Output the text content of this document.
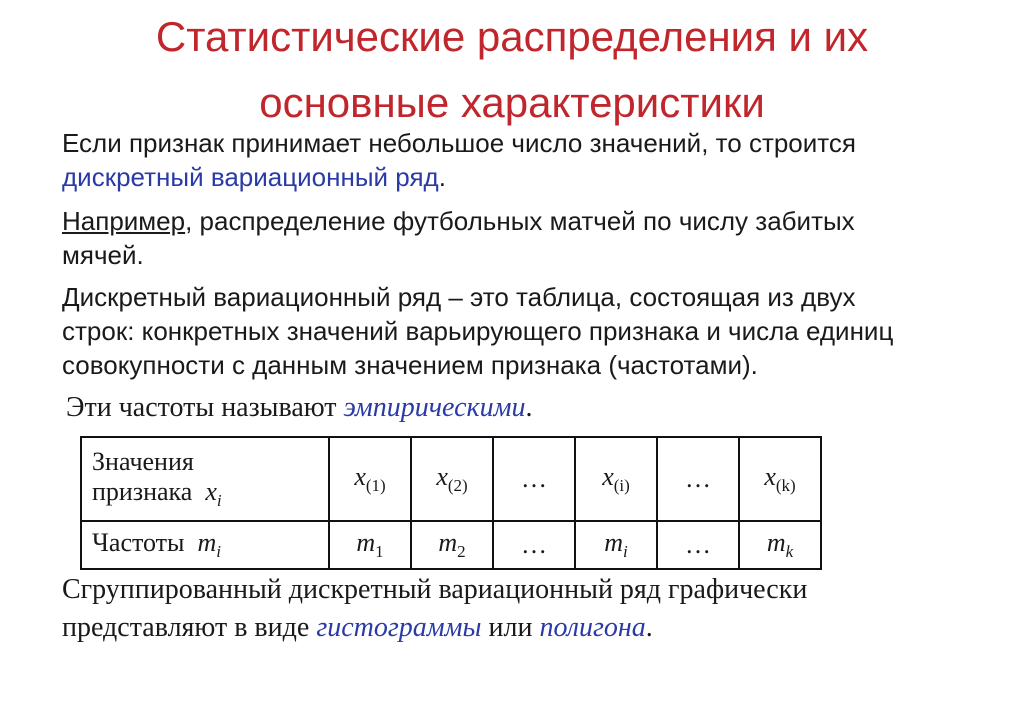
Статистические распределения и их
основные характеристики
Если признак принимает небольшое число значений, то строится
дискретный вариационный ряд.
Например, распределение футбольных матчей по числу забитых
мячей.
Дискретный вариационный ряд – это таблица, состоящая из двух
строк: конкретных значений варьирующего признака и числа единиц
совокупности с данным значением признака (частотами).
Эти частоты называют эмпирическими.
Значения
признака $x_i$	$x_{(1)}$	$x_{(2)}$	…	$x_{(i)}$	…	$x_{(k)}$
Частоты $m_i$	$m_1$	$m_2$	…	$m_i$	…	$m_k$
Сгруппированный дискретный вариационный ряд графически
представляют в виде гистограммы или полигона.
